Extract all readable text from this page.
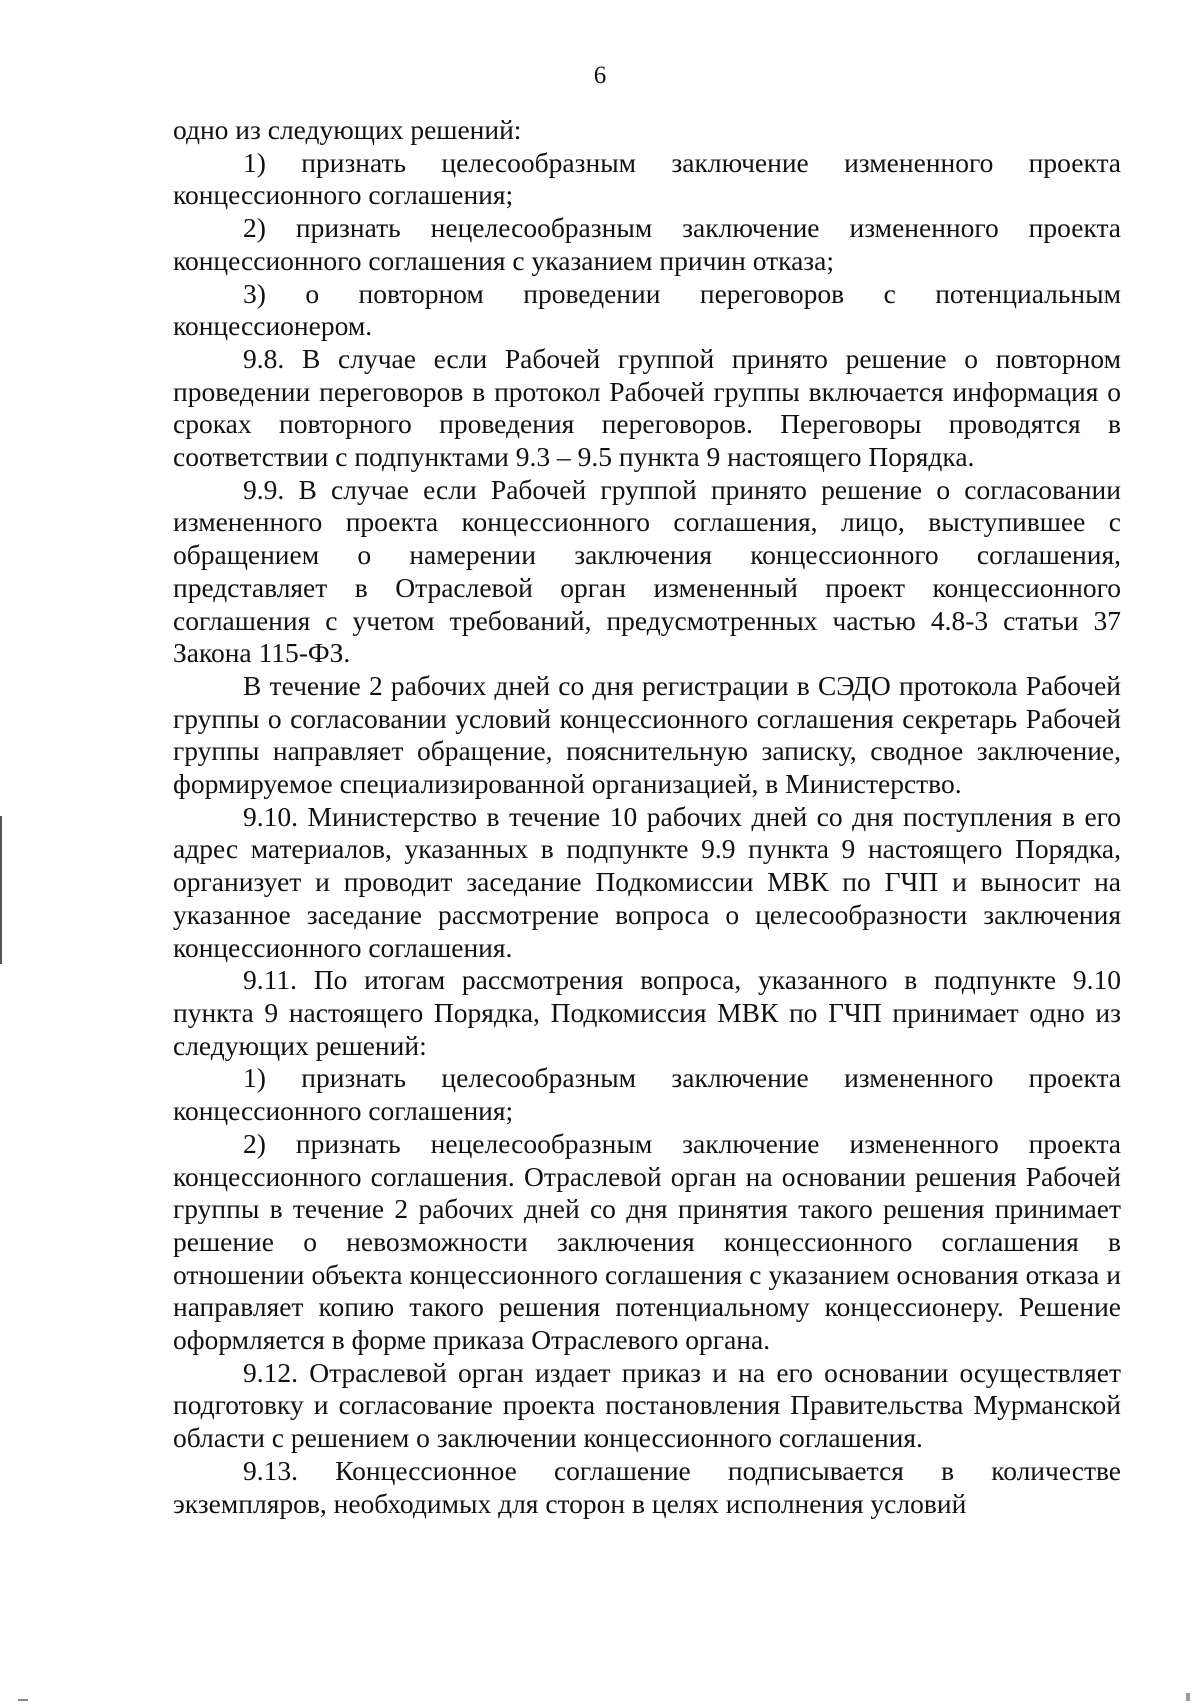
6

одно из следующих решений:

1) признать целесообразным заключение измененного проекта концессионного соглашения;

2) признать нецелесообразным заключение измененного проекта концессионного соглашения с указанием причин отказа;

3) о повторном проведении переговоров с потенциальным концессионером.

9.8. В случае если Рабочей группой принято решение о повторном проведении переговоров в протокол Рабочей группы включается информация о сроках повторного проведения переговоров. Переговоры проводятся в соответствии с подпунктами 9.3 – 9.5 пункта 9 настоящего Порядка.

9.9. В случае если Рабочей группой принято решение о согласовании измененного проекта концессионного соглашения, лицо, выступившее с обращением о намерении заключения концессионного соглашения, представляет в Отраслевой орган измененный проект концессионного соглашения с учетом требований, предусмотренных частью 4.8-3 статьи 37 Закона 115-ФЗ.

В течение 2 рабочих дней со дня регистрации в СЭДО протокола Рабочей группы о согласовании условий концессионного соглашения секретарь Рабочей группы направляет обращение, пояснительную записку, сводное заключение, формируемое специализированной организацией, в Министерство.

9.10. Министерство в течение 10 рабочих дней со дня поступления в его адрес материалов, указанных в подпункте 9.9 пункта 9 настоящего Порядка, организует и проводит заседание Подкомиссии МВК по ГЧП и выносит на указанное заседание рассмотрение вопроса о целесообразности заключения концессионного соглашения.

9.11. По итогам рассмотрения вопроса, указанного в подпункте 9.10 пункта 9 настоящего Порядка, Подкомиссия МВК по ГЧП принимает одно из следующих решений:

1) признать целесообразным заключение измененного проекта концессионного соглашения;

2) признать нецелесообразным заключение измененного проекта концессионного соглашения. Отраслевой орган на основании решения Рабочей группы в течение 2 рабочих дней со дня принятия такого решения принимает решение о невозможности заключения концессионного соглашения в отношении объекта концессионного соглашения с указанием основания отказа и направляет копию такого решения потенциальному концессионеру. Решение оформляется в форме приказа Отраслевого органа.

9.12. Отраслевой орган издает приказ и на его основании осуществляет подготовку и согласование проекта постановления Правительства Мурманской области с решением о заключении концессионного соглашения.

9.13. Концессионное соглашение подписывается в количестве экземпляров, необходимых для сторон в целях исполнения условий
